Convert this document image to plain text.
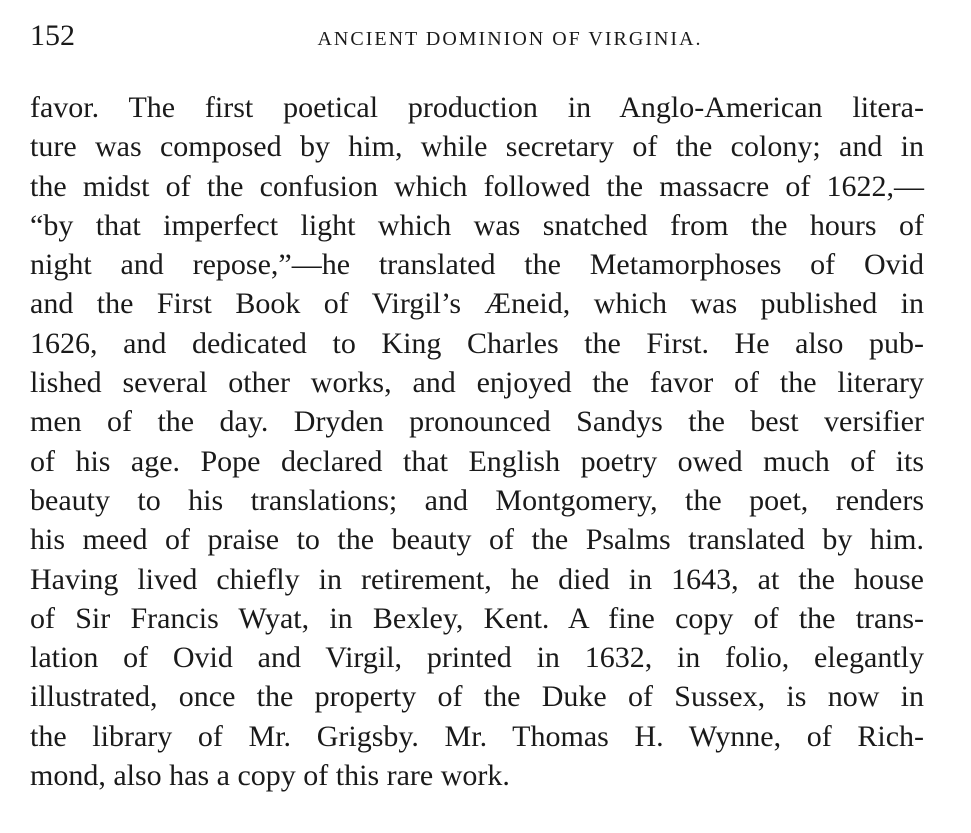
152	ANCIENT DOMINION OF VIRGINIA.
favor. The first poetical production in Anglo-American litera-
ture was composed by him, while secretary of the colony; and in
the midst of the confusion which followed the massacre of 1622,—
“by that imperfect light which was snatched from the hours of
night and repose,”—he translated the Metamorphoses of Ovid
and the First Book of Virgil’s Æneid, which was published in
1626, and dedicated to King Charles the First. He also pub-
lished several other works, and enjoyed the favor of the literary
men of the day. Dryden pronounced Sandys the best versifier
of his age. Pope declared that English poetry owed much of its
beauty to his translations; and Montgomery, the poet, renders
his meed of praise to the beauty of the Psalms translated by him.
Having lived chiefly in retirement, he died in 1643, at the house
of Sir Francis Wyat, in Bexley, Kent. A fine copy of the trans-
lation of Ovid and Virgil, printed in 1632, in folio, elegantly
illustrated, once the property of the Duke of Sussex, is now in
the library of Mr. Grigsby. Mr. Thomas H. Wynne, of Rich-
mond, also has a copy of this rare work.
